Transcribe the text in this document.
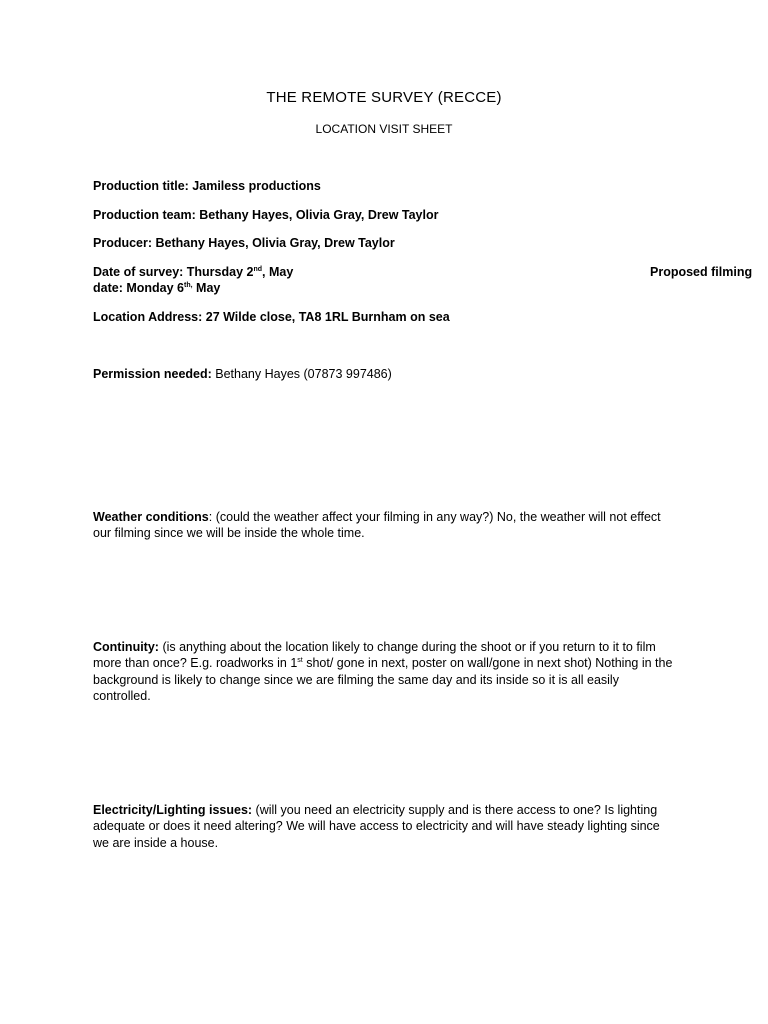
THE REMOTE SURVEY (RECCE)
LOCATION VISIT SHEET
Production title: Jamiless productions
Production team: Bethany Hayes, Olivia Gray, Drew Taylor
Producer: Bethany Hayes, Olivia Gray, Drew Taylor
Date of survey: Thursday 2nd, May	Proposed filming
date: Monday $6^{th,}$ May
Location Address: 27 Wilde close, TA8 1RL Burnham on sea
Permission needed: Bethany Hayes (07873 997486)
Weather conditions: (could the weather affect your filming in any way?) No, the weather will not effect our filming since we will be inside the whole time.
Continuity: (is anything about the location likely to change during the shoot or if you return to it to film more than once? E.g. roadworks in 1st shot/ gone in next, poster on wall/gone in next shot) Nothing in the background is likely to change since we are filming the same day and its inside so it is all easily controlled.
Electricity/Lighting issues: (will you need an electricity supply and is there access to one? Is lighting adequate or does it need altering? We will have access to electricity and will have steady lighting since we are inside a house.
